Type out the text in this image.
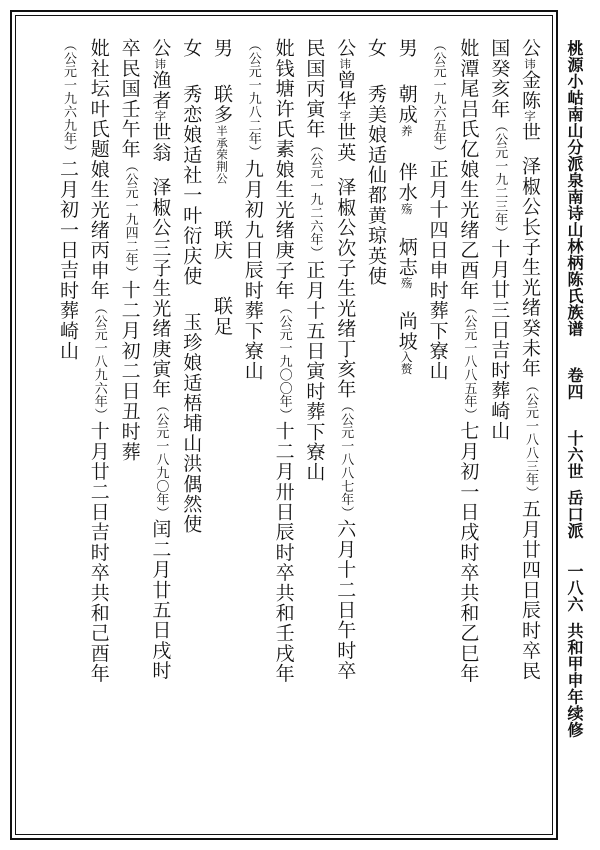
公讳金陈字世泽椒公长子生光绪癸未年（公元一八八三年）五月廿四日辰时卒民
国癸亥年（公元一九二三年）十月廿三日吉时葬崎山
妣潭尾吕氏亿娘生光绪乙酉年（公元一八八五年）七月初一日戌时卒共和乙巳年
（公元一九六五年）正月十四日申时葬下寮山
男朝成养伴水殇炳志殇尚坡入赘
女秀美娘适仙都黄琼英使
公讳曾华字世英泽椒公次子生光绪丁亥年（公元一八八七年）六月十二日午时卒
民国丙寅年（公元一九二六年）正月十五日寅时葬下寮山
妣钱塘许氏素娘生光绪庚子年（公元一九〇〇年）十二月卅日辰时卒共和壬戌年
（公元一九八二年）九月初九日辰时葬下寮山
男联多半承荣荆公联庆联足
女秀恋娘适社一叶衍庆使玉珍娘适梧埔山洪偶然使
公讳渔者字世翁泽椒公三子生光绪庚寅年（公元一八九〇年）闰二月廿五日戌时
卒民国壬午年（公元一九四二年）十二月初二日丑时葬
妣社坛叶氏题娘生光绪丙申年（公元一八九六年）十月廿二日吉时卒共和己酉年
（公元一九六九年）二月初一日吉时葬崎山	桃源小岵南山分派泉南诗山林柄陈氏族谱卷四十六世岳口派一八六共和甲申年续修
